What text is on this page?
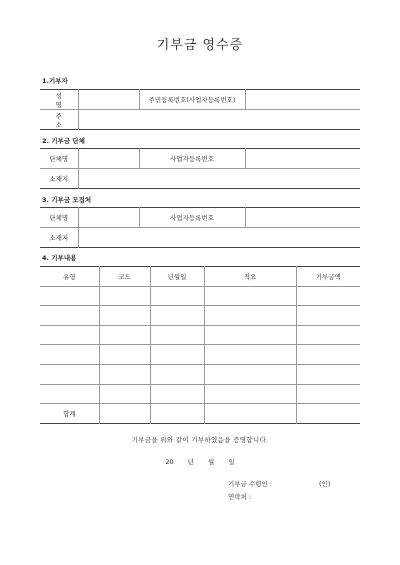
기부금 영수증
1.기부자
성 명		주민등록번호(사업자등록번호)	
주 소			
2. 기부금 단체
단체명		사업자등록번호	
소재지			
3. 기부금 모집처
단체명		사업자등록번호	
소재지			
4. 기부내용
유형	코드	년월일	적요	기부금액

합계				
기부금을 위와 같이 기부하였음을 증명합니다.
20 년 월 일
기부금 수령인 :	(인)
연락처 :
